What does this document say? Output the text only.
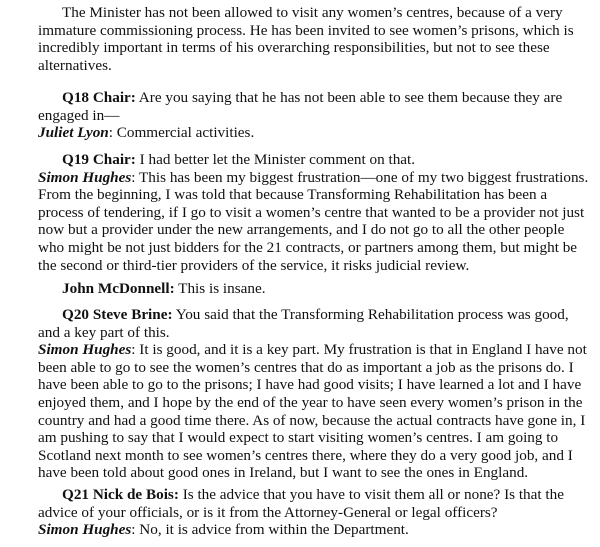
The Minister has not been allowed to visit any women’s centres, because of a very
immature commissioning process. He has been invited to see women’s prisons, which is
incredibly important in terms of his overarching responsibilities, but not to see these
alternatives.

Q18 Chair: Are you saying that he has not been able to see them because they are
engaged in—
Juliet Lyon: Commercial activities.

Q19 Chair: I had better let the Minister comment on that.
Simon Hughes: This has been my biggest frustration—one of my two biggest frustrations.
From the beginning, I was told that because Transforming Rehabilitation has been a
process of tendering, if I go to visit a women’s centre that wanted to be a provider not just
now but a provider under the new arrangements, and I do not go to all the other people
who might be not just bidders for the 21 contracts, or partners among them, but might be
the second or third-tier providers of the service, it risks judicial review.

John McDonnell: This is insane.

Q20 Steve Brine: You said that the Transforming Rehabilitation process was good,
and a key part of this.
Simon Hughes: It is good, and it is a key part. My frustration is that in England I have not
been able to go to see the women’s centres that do as important a job as the prisons do. I
have been able to go to the prisons; I have had good visits; I have learned a lot and I have
enjoyed them, and I hope by the end of the year to have seen every women’s prison in the
country and had a good time there. As of now, because the actual contracts have gone in, I
am pushing to say that I would expect to start visiting women’s centres. I am going to
Scotland next month to see women’s centres there, where they do a very good job, and I
have been told about good ones in Ireland, but I want to see the ones in England.

Q21 Nick de Bois: Is the advice that you have to visit them all or none? Is that the
advice of your officials, or is it from the Attorney-General or legal officers?
Simon Hughes: No, it is advice from within the Department.
